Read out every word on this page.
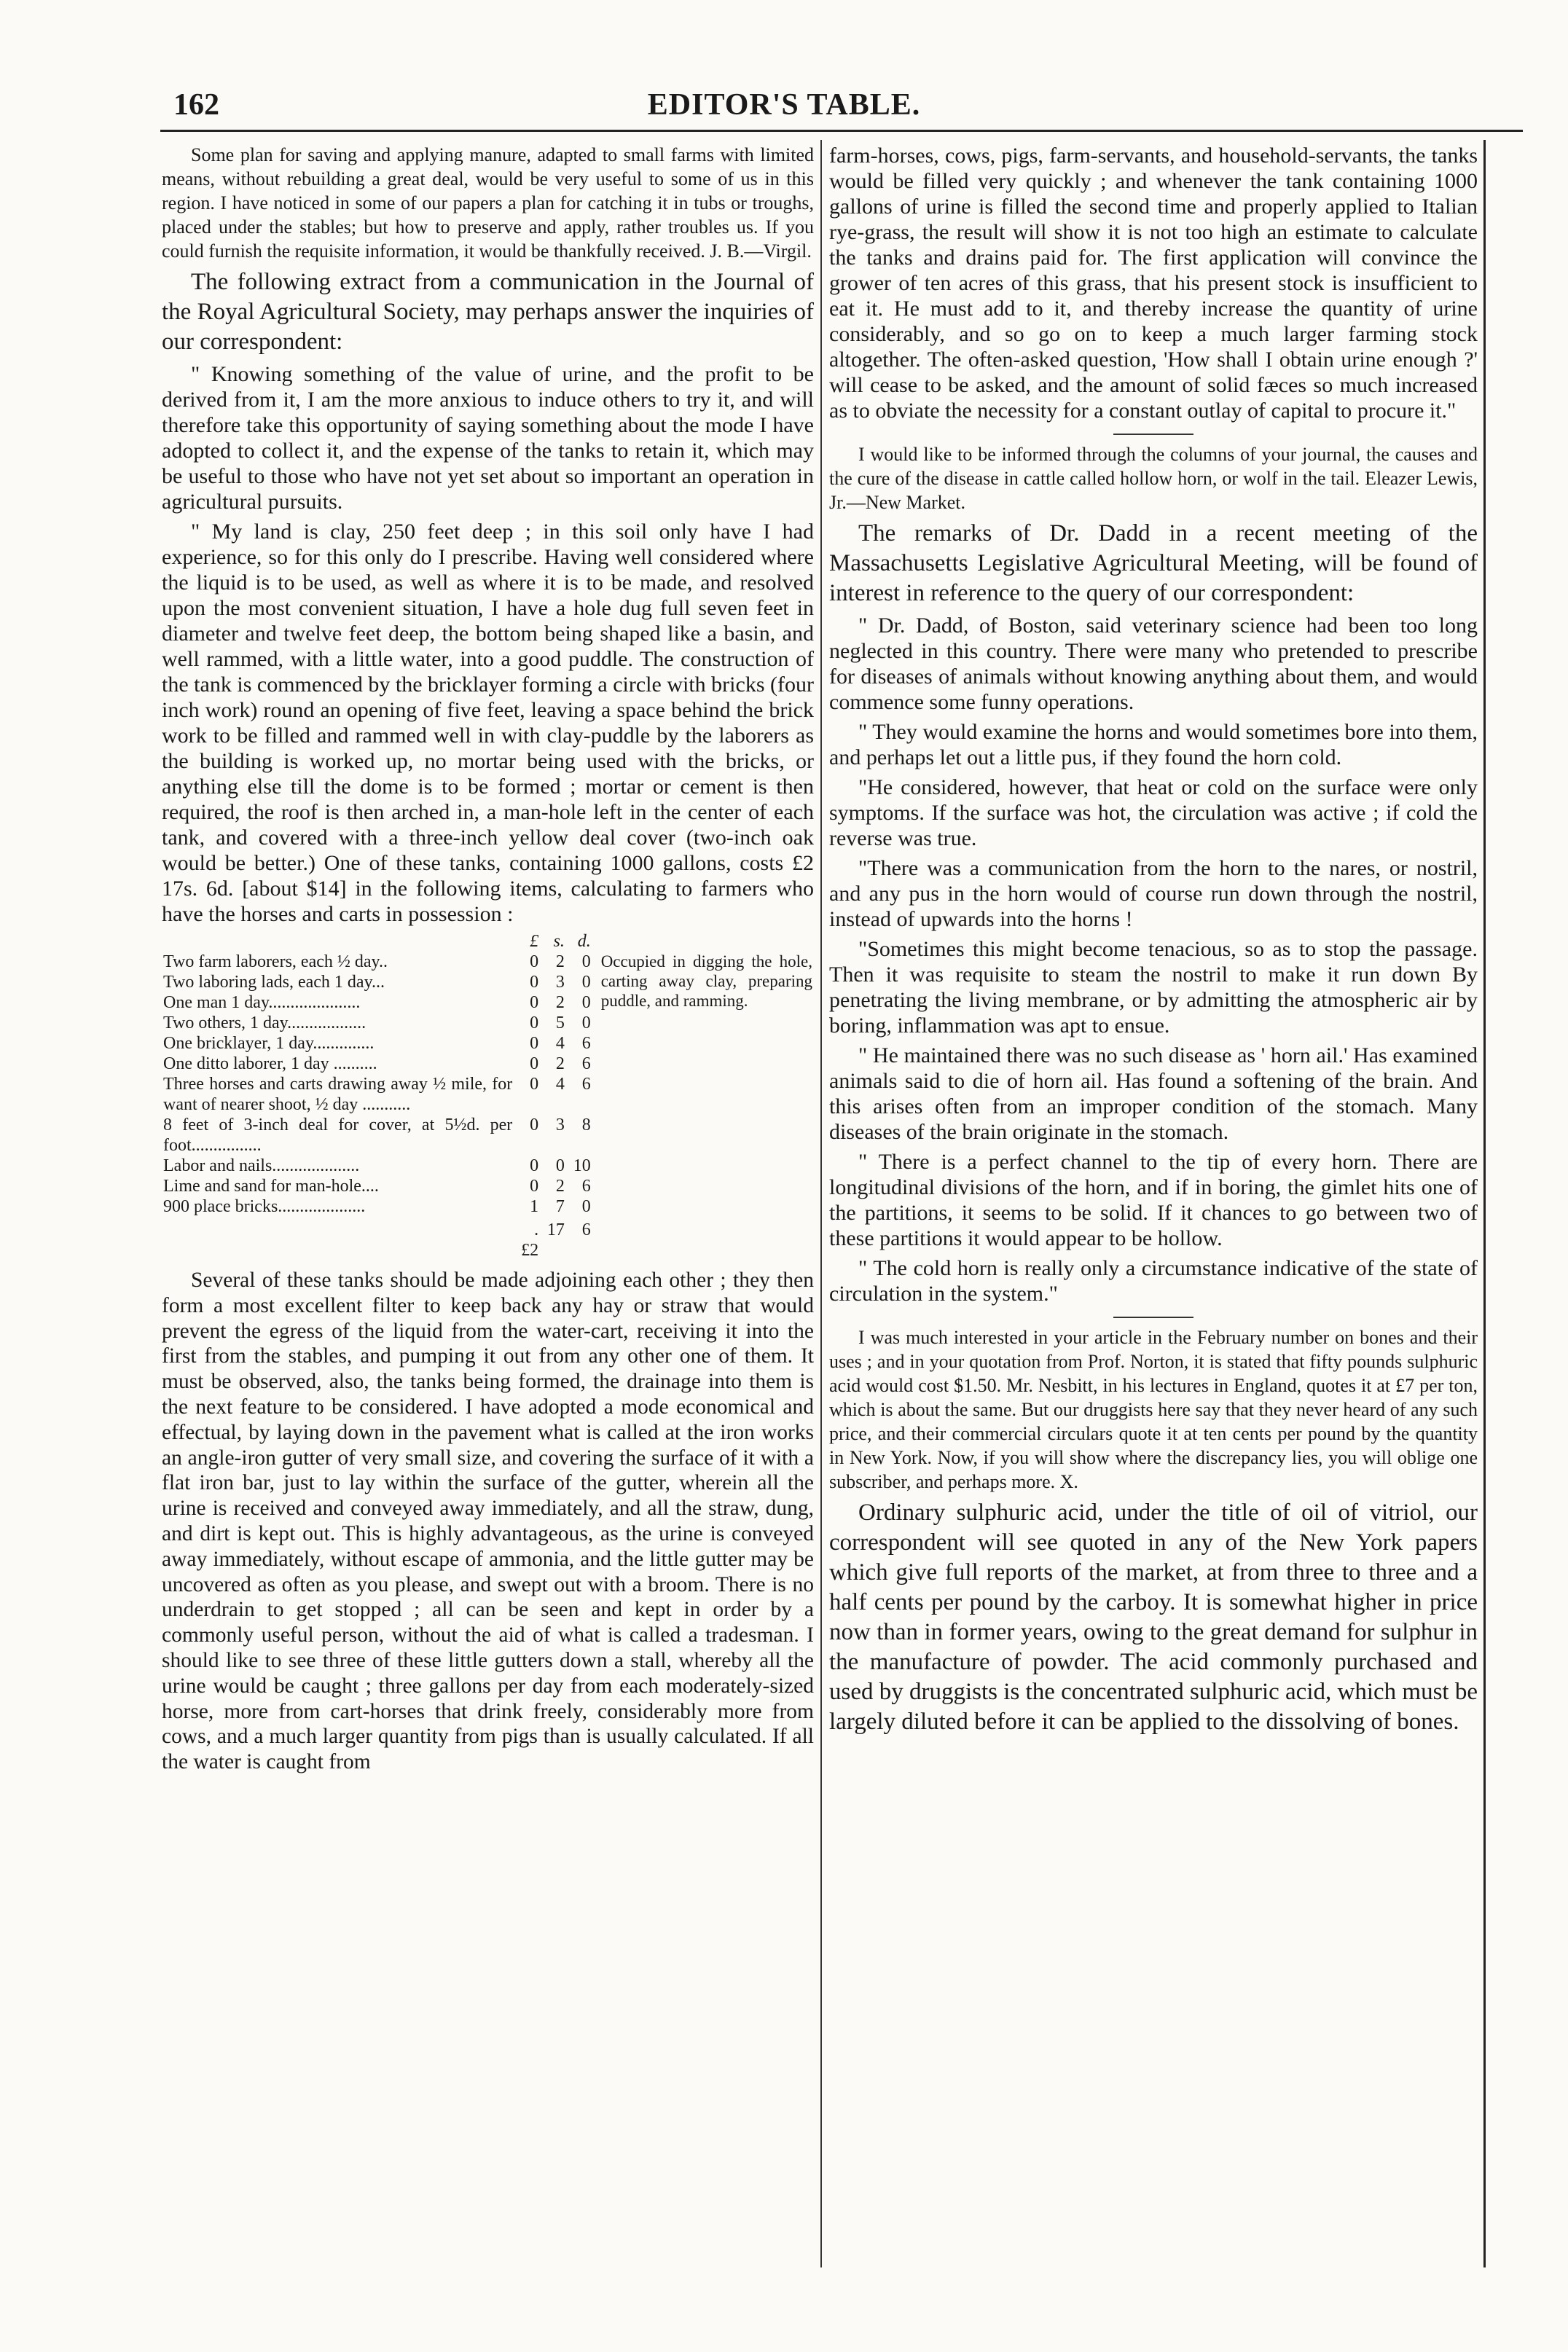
162	EDITOR'S TABLE.

Some plan for saving and applying manure, adapted to small farms with limited means, without rebuilding a great deal, would be very useful to some of us in this region. I have noticed in some of our papers a plan for catching it in tubs or troughs, placed under the stables; but how to preserve and apply, rather troubles us. If you could furnish the requisite information, it would be thankfully received. J. B.—Virgil.

The following extract from a communication in the Journal of the Royal Agricultural Society, may perhaps answer the inquiries of our correspondent:

" Knowing something of the value of urine, and the profit to be derived from it, I am the more anxious to induce others to try it, and will therefore take this opportunity of saying something about the mode I have adopted to collect it, and the expense of the tanks to retain it, which may be useful to those who have not yet set about so important an operation in agricultural pursuits.

" My land is clay, 250 feet deep ; in this soil only have I had experience, so for this only do I prescribe. Having well considered where the liquid is to be used, as well as where it is to be made, and resolved upon the most convenient situation, I have a hole dug full seven feet in diameter and twelve feet deep, the bottom being shaped like a basin, and well rammed, with a little water, into a good puddle. The construction of the tank is commenced by the bricklayer forming a circle with bricks (four inch work) round an opening of five feet, leaving a space behind the brick work to be filled and rammed well in with clay-puddle by the laborers as the building is worked up, no mortar being used with the bricks, or anything else till the dome is to be formed ; mortar or cement is then required, the roof is then arched in, a man-hole left in the center of each tank, and covered with a three-inch yellow deal cover (two-inch oak would be better.) One of these tanks, containing 1000 gallons, costs £2 17s. 6d. [about $14] in the following items, calculating to farmers who have the horses and carts in possession :

	£	s.	d.	
Two farm laborers, each ½ day..	0	2	0	Occupied in digging the hole, carting away clay, preparing puddle, and ramming.
Two laboring lads, each 1 day...	0	3	0	
One man 1 day.....................	0	2	0	
Two others, 1 day..................	0	5	0	
One bricklayer, 1 day..............	0	4	6	
One ditto laborer, 1 day ..........	0	2	6	
Three horses and carts drawing away ½ mile, for want of nearer shoot, ½ day ...........	0	4	6	
8 feet of 3-inch deal for cover, at 5½d. per foot................	0	3	8	
Labor and nails....................	0	0	10	
Lime and sand for man-hole....	0	2	6	
900 place bricks....................	1	7	0	
	. £2	17	6	

Several of these tanks should be made adjoining each other ; they then form a most excellent filter to keep back any hay or straw that would prevent the egress of the liquid from the water-cart, receiving it into the first from the stables, and pumping it out from any other one of them. It must be observed, also, the tanks being formed, the drainage into them is the next feature to be considered. I have adopted a mode economical and effectual, by laying down in the pavement what is called at the iron works an angle-iron gutter of very small size, and covering the surface of it with a flat iron bar, just to lay within the surface of the gutter, wherein all the urine is received and conveyed away immediately, and all the straw, dung, and dirt is kept out. This is highly advantageous, as the urine is conveyed away immediately, without escape of ammonia, and the little gutter may be uncovered as often as you please, and swept out with a broom. There is no underdrain to get stopped ; all can be seen and kept in order by a commonly useful person, without the aid of what is called a tradesman. I should like to see three of these little gutters down a stall, whereby all the urine would be caught ; three gallons per day from each moderately-sized horse, more from cart-horses that drink freely, considerably more from cows, and a much larger quantity from pigs than is usually calculated. If all the water is caught from

farm-horses, cows, pigs, farm-servants, and household-servants, the tanks would be filled very quickly ; and whenever the tank containing 1000 gallons of urine is filled the second time and properly applied to Italian rye-grass, the result will show it is not too high an estimate to calculate the tanks and drains paid for. The first application will convince the grower of ten acres of this grass, that his present stock is insufficient to eat it. He must add to it, and thereby increase the quantity of urine considerably, and so go on to keep a much larger farming stock altogether. The often-asked question, 'How shall I obtain urine enough ?' will cease to be asked, and the amount of solid fæces so much increased as to obviate the necessity for a constant outlay of capital to procure it."

I would like to be informed through the columns of your journal, the causes and the cure of the disease in cattle called hollow horn, or wolf in the tail. Eleazer Lewis, Jr.—New Market.

The remarks of Dr. Dadd in a recent meeting of the Massachusetts Legislative Agricultural Meeting, will be found of interest in reference to the query of our correspondent:

" Dr. Dadd, of Boston, said veterinary science had been too long neglected in this country. There were many who pretended to prescribe for diseases of animals without knowing anything about them, and would commence some funny operations.

" They would examine the horns and would sometimes bore into them, and perhaps let out a little pus, if they found the horn cold.

"He considered, however, that heat or cold on the surface were only symptoms. If the surface was hot, the circulation was active ; if cold the reverse was true.

"There was a communication from the horn to the nares, or nostril, and any pus in the horn would of course run down through the nostril, instead of upwards into the horns !

"Sometimes this might become tenacious, so as to stop the passage. Then it was requisite to steam the nostril to make it run down By penetrating the living membrane, or by admitting the atmospheric air by boring, inflammation was apt to ensue.

" He maintained there was no such disease as ' horn ail.' Has examined animals said to die of horn ail. Has found a softening of the brain. And this arises often from an improper condition of the stomach. Many diseases of the brain originate in the stomach.

" There is a perfect channel to the tip of every horn. There are longitudinal divisions of the horn, and if in boring, the gimlet hits one of the partitions, it seems to be solid. If it chances to go between two of these partitions it would appear to be hollow.

" The cold horn is really only a circumstance indicative of the state of circulation in the system."

I was much interested in your article in the February number on bones and their uses ; and in your quotation from Prof. Norton, it is stated that fifty pounds sulphuric acid would cost $1.50. Mr. Nesbitt, in his lectures in England, quotes it at £7 per ton, which is about the same. But our druggists here say that they never heard of any such price, and their commercial circulars quote it at ten cents per pound by the quantity in New York. Now, if you will show where the discrepancy lies, you will oblige one subscriber, and perhaps more. X.

Ordinary sulphuric acid, under the title of oil of vitriol, our correspondent will see quoted in any of the New York papers which give full reports of the market, at from three to three and a half cents per pound by the carboy. It is somewhat higher in price now than in former years, owing to the great demand for sulphur in the manufacture of powder. The acid commonly purchased and used by druggists is the concentrated sulphuric acid, which must be largely diluted before it can be applied to the dissolving of bones.
